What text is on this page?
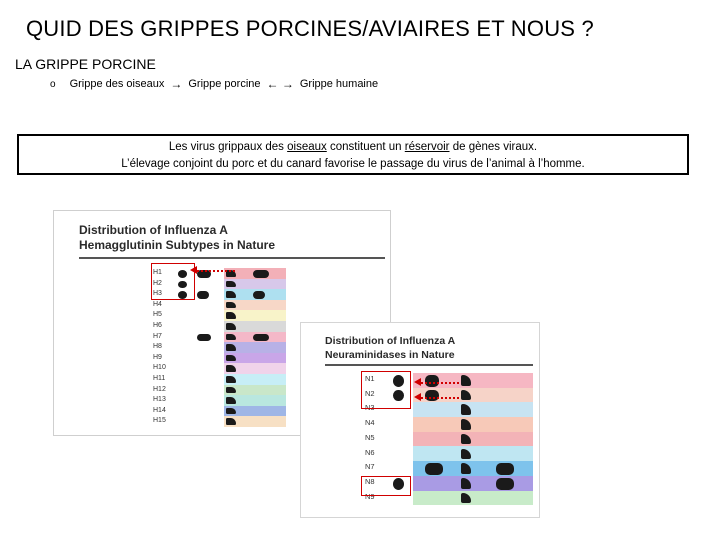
QUID DES GRIPPES PORCINES/AVIAIRES ET NOUS ?
LA GRIPPE PORCINE
o Grippe des oiseaux → Grippe porcine ← → Grippe humaine
Les virus grippaux des oiseaux constituent un réservoir de gènes viraux.
L’élevage conjoint du porc et du canard favorise le passage du virus de l’animal à l’homme.
Distribution of Influenza A
Hemagglutinin Subtypes in Nature
H1
H2
H3
H4
H5
H6
H7
H8
H9
H10
H11
H12
H13
H14
H15
Distribution of Influenza A
Neuraminidases in Nature
N1
N2
N3
N4
N5
N6
N7
N8
N9
